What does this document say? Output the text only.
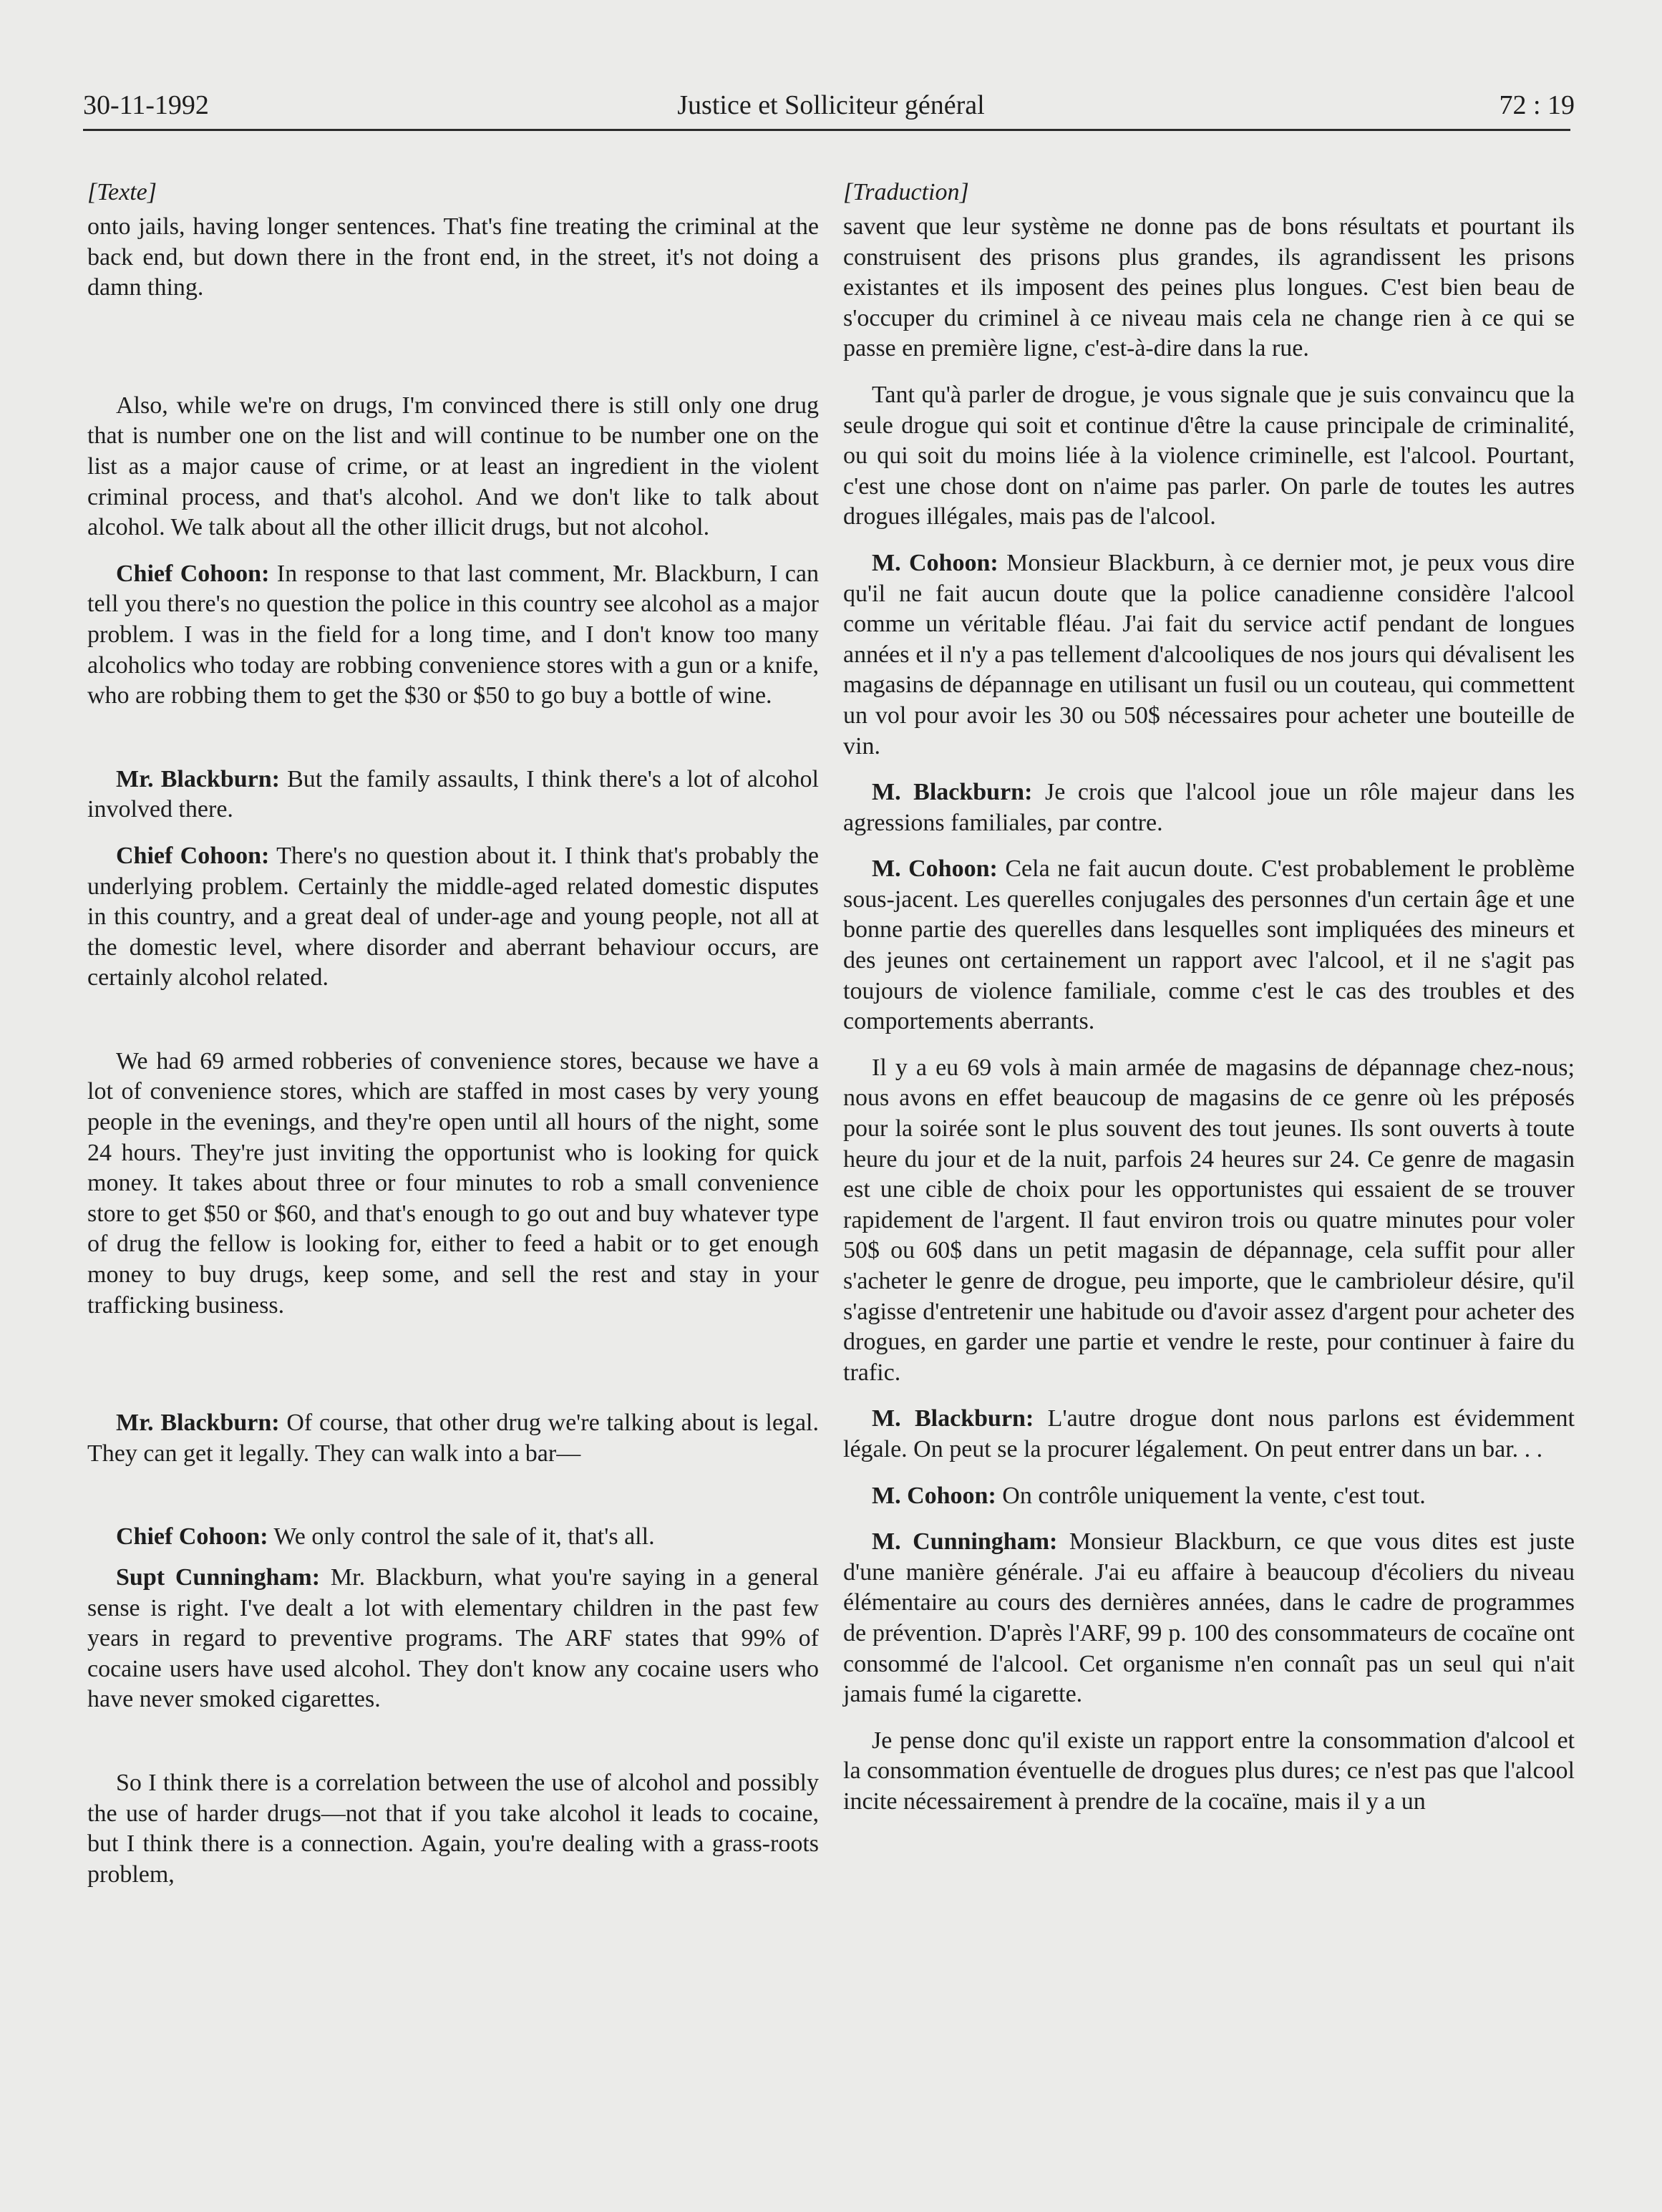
30-11-1992	Justice et Solliciteur général	72 : 19
[Texte]

onto jails, having longer sentences. That's fine treating the criminal at the back end, but down there in the front end, in the street, it's not doing a damn thing.

Also, while we're on drugs, I'm convinced there is still only one drug that is number one on the list and will continue to be number one on the list as a major cause of crime, or at least an ingredient in the violent criminal process, and that's alcohol. And we don't like to talk about alcohol. We talk about all the other illicit drugs, but not alcohol.

Chief Cohoon: In response to that last comment, Mr. Blackburn, I can tell you there's no question the police in this country see alcohol as a major problem. I was in the field for a long time, and I don't know too many alcoholics who today are robbing convenience stores with a gun or a knife, who are robbing them to get the $30 or $50 to go buy a bottle of wine.

Mr. Blackburn: But the family assaults, I think there's a lot of alcohol involved there.

Chief Cohoon: There's no question about it. I think that's probably the underlying problem. Certainly the middle-aged related domestic disputes in this country, and a great deal of under-age and young people, not all at the domestic level, where disorder and aberrant behaviour occurs, are certainly alcohol related.

We had 69 armed robberies of convenience stores, because we have a lot of convenience stores, which are staffed in most cases by very young people in the evenings, and they're open until all hours of the night, some 24 hours. They're just inviting the opportunist who is looking for quick money. It takes about three or four minutes to rob a small convenience store to get $50 or $60, and that's enough to go out and buy whatever type of drug the fellow is looking for, either to feed a habit or to get enough money to buy drugs, keep some, and sell the rest and stay in your trafficking business.

Mr. Blackburn: Of course, that other drug we're talking about is legal. They can get it legally. They can walk into a bar—

Chief Cohoon: We only control the sale of it, that's all.

Supt Cunningham: Mr. Blackburn, what you're saying in a general sense is right. I've dealt a lot with elementary children in the past few years in regard to preventive programs. The ARF states that 99% of cocaine users have used alcohol. They don't know any cocaine users who have never smoked cigarettes.

So I think there is a correlation between the use of alcohol and possibly the use of harder drugs—not that if you take alcohol it leads to cocaine, but I think there is a connection. Again, you're dealing with a grass-roots problem,

[Traduction]

savent que leur système ne donne pas de bons résultats et pourtant ils construisent des prisons plus grandes, ils agrandissent les prisons existantes et ils imposent des peines plus longues. C'est bien beau de s'occuper du criminel à ce niveau mais cela ne change rien à ce qui se passe en première ligne, c'est-à-dire dans la rue.

Tant qu'à parler de drogue, je vous signale que je suis convaincu que la seule drogue qui soit et continue d'être la cause principale de criminalité, ou qui soit du moins liée à la violence criminelle, est l'alcool. Pourtant, c'est une chose dont on n'aime pas parler. On parle de toutes les autres drogues illégales, mais pas de l'alcool.

M. Cohoon: Monsieur Blackburn, à ce dernier mot, je peux vous dire qu'il ne fait aucun doute que la police canadienne considère l'alcool comme un véritable fléau. J'ai fait du service actif pendant de longues années et il n'y a pas tellement d'alcooliques de nos jours qui dévalisent les magasins de dépannage en utilisant un fusil ou un couteau, qui commettent un vol pour avoir les 30 ou 50$ nécessaires pour acheter une bouteille de vin.

M. Blackburn: Je crois que l'alcool joue un rôle majeur dans les agressions familiales, par contre.

M. Cohoon: Cela ne fait aucun doute. C'est probablement le problème sous-jacent. Les querelles conjugales des personnes d'un certain âge et une bonne partie des querelles dans lesquelles sont impliquées des mineurs et des jeunes ont certainement un rapport avec l'alcool, et il ne s'agit pas toujours de violence familiale, comme c'est le cas des troubles et des comportements aberrants.

Il y a eu 69 vols à main armée de magasins de dépannage chez-nous; nous avons en effet beaucoup de magasins de ce genre où les préposés pour la soirée sont le plus souvent des tout jeunes. Ils sont ouverts à toute heure du jour et de la nuit, parfois 24 heures sur 24. Ce genre de magasin est une cible de choix pour les opportunistes qui essaient de se trouver rapidement de l'argent. Il faut environ trois ou quatre minutes pour voler 50$ ou 60$ dans un petit magasin de dépannage, cela suffit pour aller s'acheter le genre de drogue, peu importe, que le cambrioleur désire, qu'il s'agisse d'entretenir une habitude ou d'avoir assez d'argent pour acheter des drogues, en garder une partie et vendre le reste, pour continuer à faire du trafic.

M. Blackburn: L'autre drogue dont nous parlons est évidemment légale. On peut se la procurer légalement. On peut entrer dans un bar. . .

M. Cohoon: On contrôle uniquement la vente, c'est tout.

M. Cunningham: Monsieur Blackburn, ce que vous dites est juste d'une manière générale. J'ai eu affaire à beaucoup d'écoliers du niveau élémentaire au cours des dernières années, dans le cadre de programmes de prévention. D'après l'ARF, 99 p. 100 des consommateurs de cocaïne ont consommé de l'alcool. Cet organisme n'en connaît pas un seul qui n'ait jamais fumé la cigarette.

Je pense donc qu'il existe un rapport entre la consommation d'alcool et la consommation éventuelle de drogues plus dures; ce n'est pas que l'alcool incite nécessairement à prendre de la cocaïne, mais il y a un
